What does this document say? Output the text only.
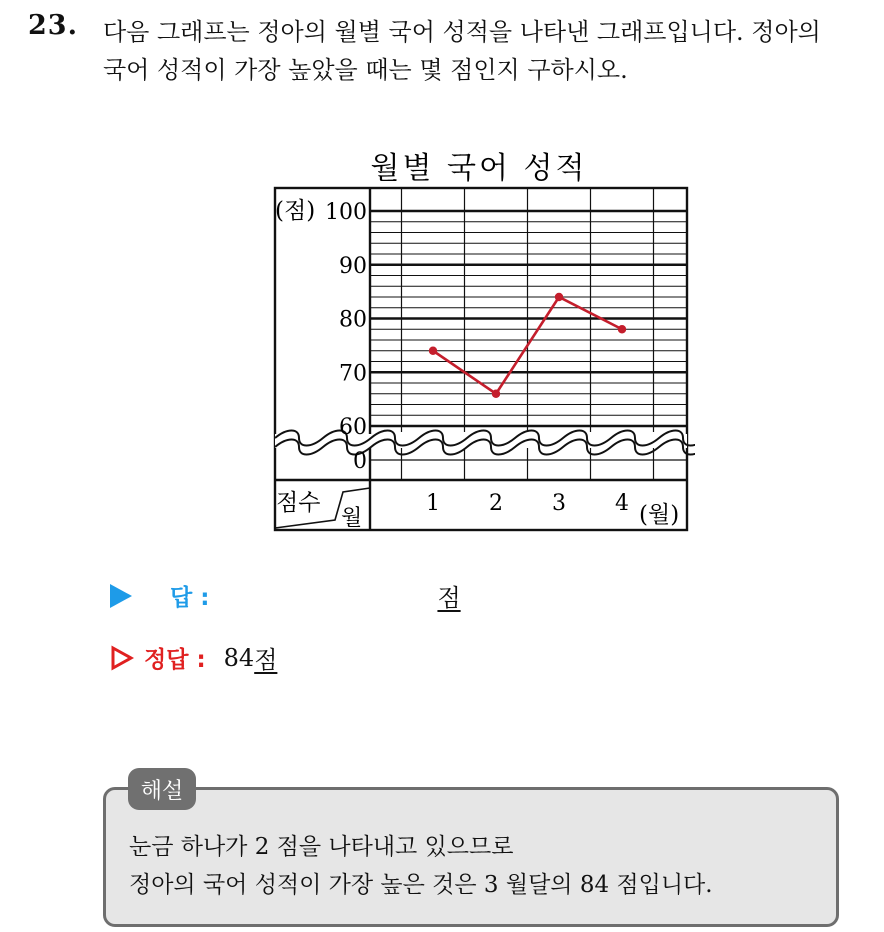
23. 다음 그래프는 정아의 월별 국어 성적을 나타낸 그래프입니다. 정아의
국어 성적이 가장 높았을 때는 몇 점인지 구하시오.
월별 국어 성적
0
60
70
80
90
100
1 2 3 4
(점)
(월)
점수
월
답 :	점
정답 : 84 점
해설
눈금 하나가 2 점을 나타내고 있으므로
정아의 국어 성적이 가장 높은 것은 3 월달의 84 점입니다.
